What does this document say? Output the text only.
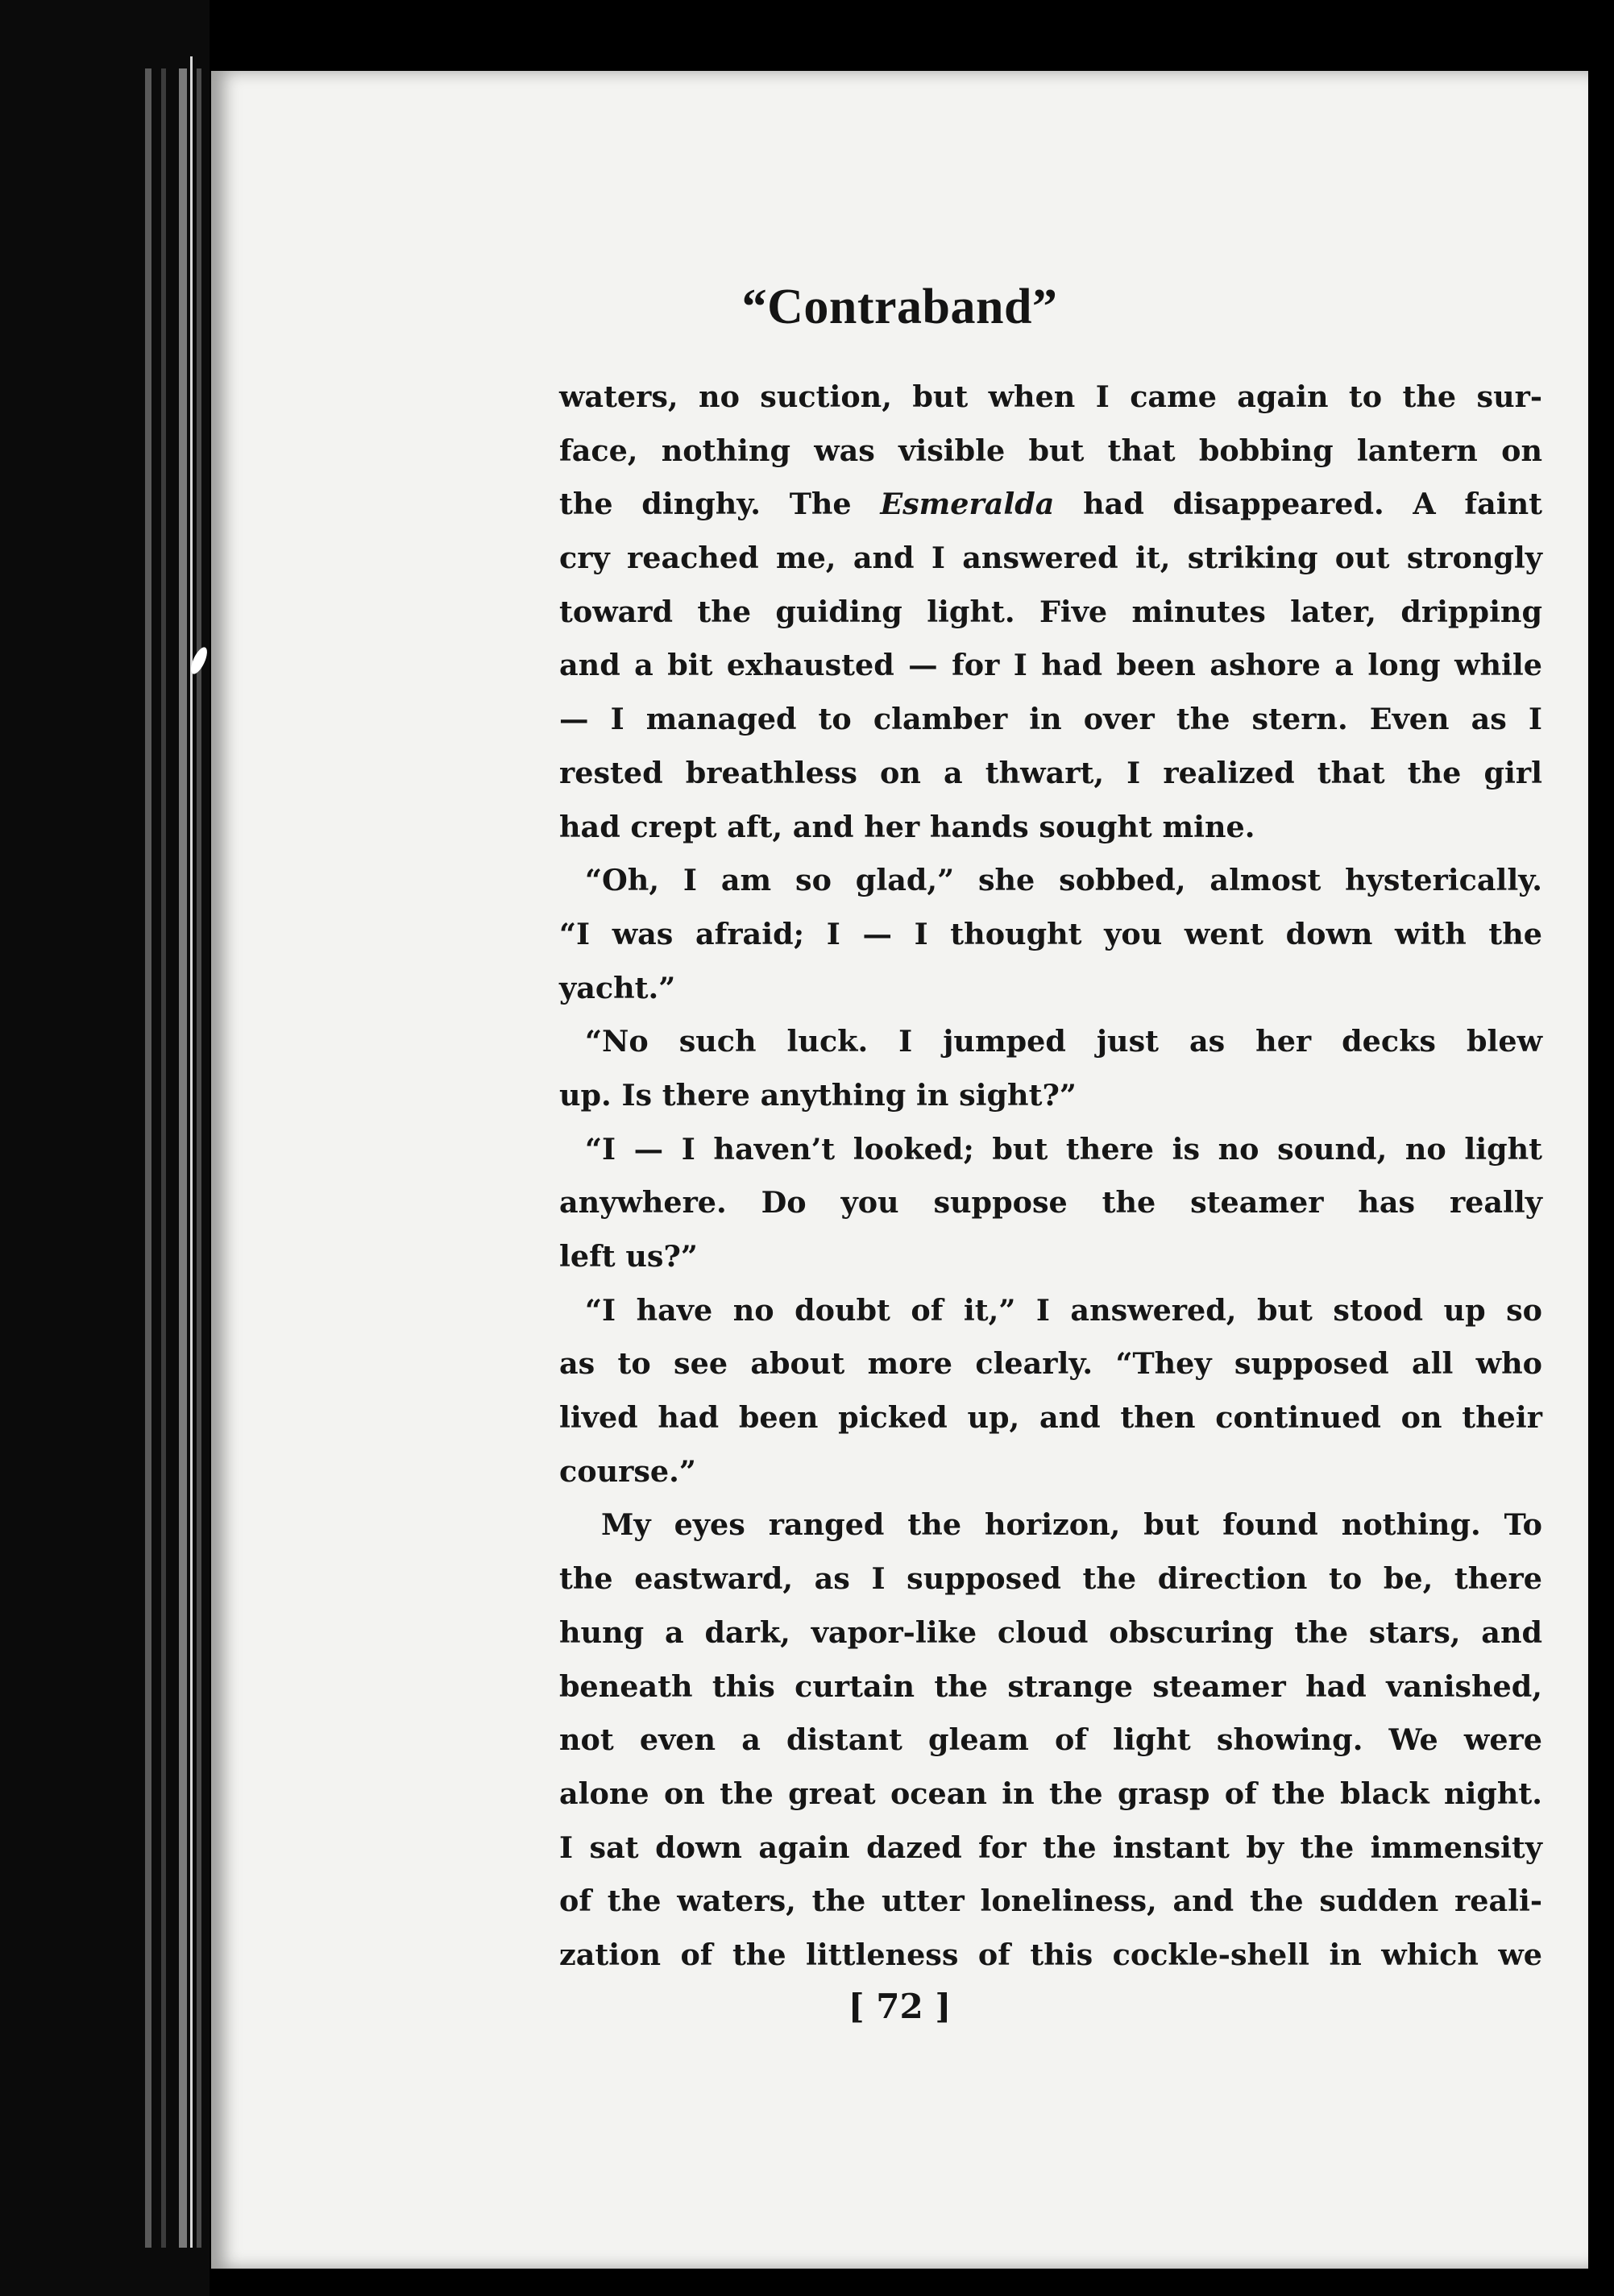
“Contraband”
waters, no suction, but when I came again to the sur-
face, nothing was visible but that bobbing lantern on
the dinghy. The Esmeralda had disappeared. A faint
cry reached me, and I answered it, striking out strongly
toward the guiding light. Five minutes later, dripping
and a bit exhausted — for I had been ashore a long while
— I managed to clamber in over the stern. Even as I
rested breathless on a thwart, I realized that the girl
had crept aft, and her hands sought mine.
“Oh, I am so glad,” she sobbed, almost hysterically.
“I was afraid; I — I thought you went down with the
yacht.”
“No such luck. I jumped just as her decks blew
up. Is there anything in sight?”
“I — I haven’t looked; but there is no sound, no light
anywhere. Do you suppose the steamer has really
left us?”
“I have no doubt of it,” I answered, but stood up so
as to see about more clearly. “They supposed all who
lived had been picked up, and then continued on their
course.”
My eyes ranged the horizon, but found nothing. To
the eastward, as I supposed the direction to be, there
hung a dark, vapor-like cloud obscuring the stars, and
beneath this curtain the strange steamer had vanished,
not even a distant gleam of light showing. We were
alone on the great ocean in the grasp of the black night.
I sat down again dazed for the instant by the immensity
of the waters, the utter loneliness, and the sudden reali-
zation of the littleness of this cockle-shell in which we
[ 72 ]
